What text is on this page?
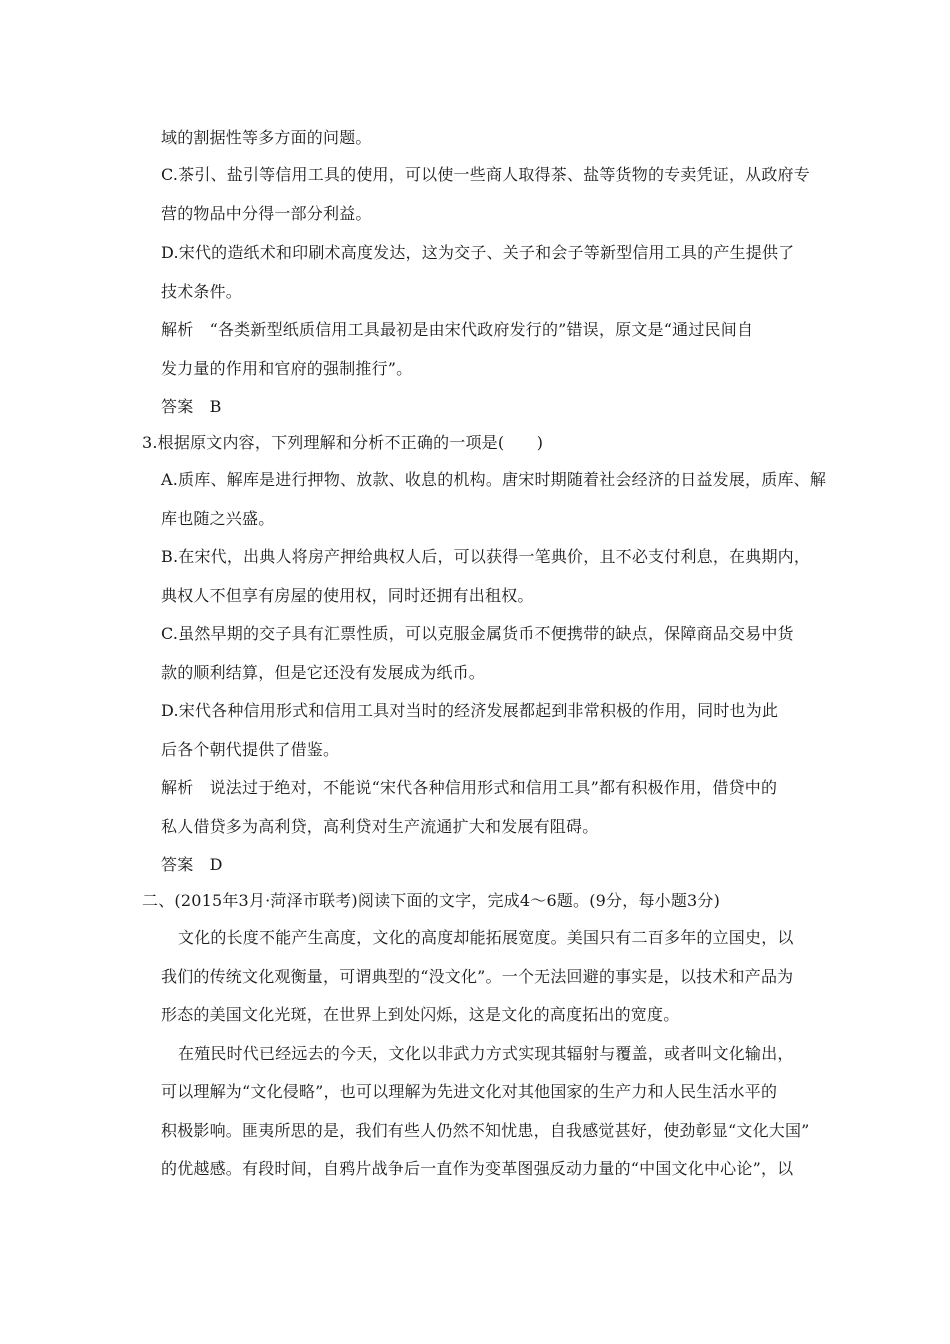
域的割据性等多方面的问题。
C.茶引、盐引等信用工具的使用，可以使一些商人取得茶、盐等货物的专卖凭证，从政府专
营的物品中分得一部分利益。
D.宋代的造纸术和印刷术高度发达，这为交子、关子和会子等新型信用工具的产生提供了
技术条件。
解析　“各类新型纸质信用工具最初是由宋代政府发行的”错误，原文是“通过民间自
发力量的作用和官府的强制推行”。
答案　B
3.根据原文内容，下列理解和分析不正确的一项是(　　)
A.质库、解库是进行押物、放款、收息的机构。唐宋时期随着社会经济的日益发展，质库、解
库也随之兴盛。
B.在宋代，出典人将房产押给典权人后，可以获得一笔典价，且不必支付利息，在典期内，
典权人不但享有房屋的使用权，同时还拥有出租权。
C.虽然早期的交子具有汇票性质，可以克服金属货币不便携带的缺点，保障商品交易中货
款的顺利结算，但是它还没有发展成为纸币。
D.宋代各种信用形式和信用工具对当时的经济发展都起到非常积极的作用，同时也为此
后各个朝代提供了借鉴。
解析　说法过于绝对，不能说“宋代各种信用形式和信用工具”都有积极作用，借贷中的
私人借贷多为高利贷，高利贷对生产流通扩大和发展有阻碍。
答案　D
二、(2015年3月·菏泽市联考)阅读下面的文字，完成4～6题。(9分，每小题3分)
文化的长度不能产生高度，文化的高度却能拓展宽度。美国只有二百多年的立国史，以
我们的传统文化观衡量，可谓典型的“没文化”。一个无法回避的事实是，以技术和产品为
形态的美国文化光斑，在世界上到处闪烁，这是文化的高度拓出的宽度。
在殖民时代已经远去的今天，文化以非武力方式实现其辐射与覆盖，或者叫文化输出，
可以理解为“文化侵略”，也可以理解为先进文化对其他国家的生产力和人民生活水平的
积极影响。匪夷所思的是，我们有些人仍然不知忧患，自我感觉甚好，使劲彰显“文化大国”
的优越感。有段时间，自鸦片战争后一直作为变革图强反动力量的“中国文化中心论”，以
